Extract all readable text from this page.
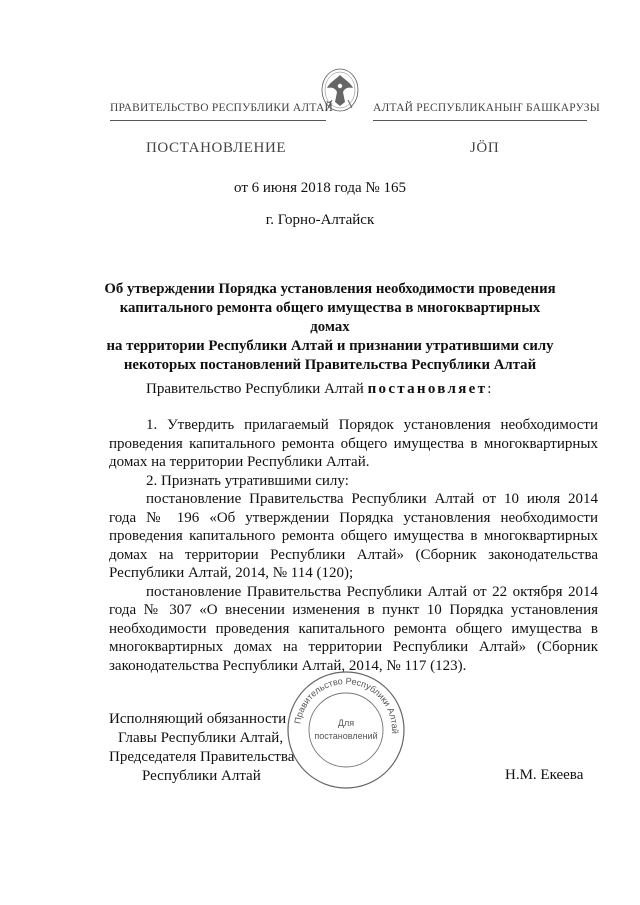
ПРАВИТЕЛЬСТВО РЕСПУБЛИКИ АЛТАЙ	АЛТАЙ РЕСПУБЛИКАНЫҤ БАШКАРУЗЫ
ПОСТАНОВЛЕНИЕ	JÖП
от 6 июня 2018 года № 165
г. Горно-Алтайск
Об утверждении Порядка установления необходимости проведения
капитального ремонта общего имущества в многоквартирных домах
на территории Республики Алтай и признании утратившими силу
некоторых постановлений Правительства Республики Алтай
Правительство Республики Алтай постановляет:

1. Утвердить прилагаемый Порядок установления необходимости проведения капитального ремонта общего имущества в многоквартирных домах на территории Республики Алтай.

2. Признать утратившими силу:

постановление Правительства Республики Алтай от 10 июля 2014 года № 196 «Об утверждении Порядка установления необходимости проведения капитального ремонта общего имущества в многоквартирных домах на территории Республики Алтай» (Сборник законодательства Республики Алтай, 2014, № 114 (120);

постановление Правительства Республики Алтай от 22 октября 2014 года № 307 «О внесении изменения в пункт 10 Порядка установления необходимости проведения капитального ремонта общего имущества в многоквартирных домах на территории Республики Алтай» (Сборник законодательства Республики Алтай, 2014, № 117 (123).

Исполняющий обязанности
Главы Республики Алтай,
Председателя Правительства
Республики Алтай	Н.М. Екеева
Правительство Республики Алтай
Для
постановлений
